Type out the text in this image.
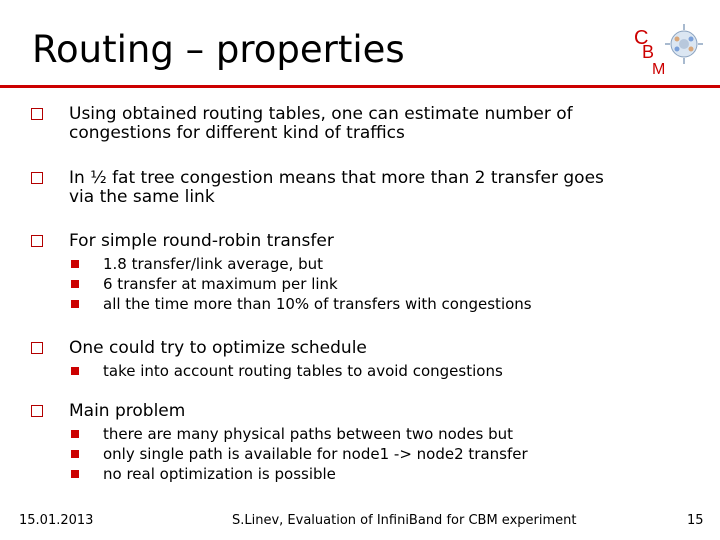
Routing – properties	C
B
M
Using obtained routing tables, one can estimate number of
congestions for different kind of traffics
In ½ fat tree congestion means that more than 2 transfer goes
via the same link
For simple round-robin transfer
1.8 transfer/link average, but
6 transfer at maximum per link
all the time more than 10% of transfers with congestions
One could try to optimize schedule
take into account routing tables to avoid congestions
Main problem
there are many physical paths between two nodes but
only single path is available for node1 -> node2 transfer
no real optimization is possible
15.01.2013	S.Linev, Evaluation of InfiniBand for CBM experiment	15
